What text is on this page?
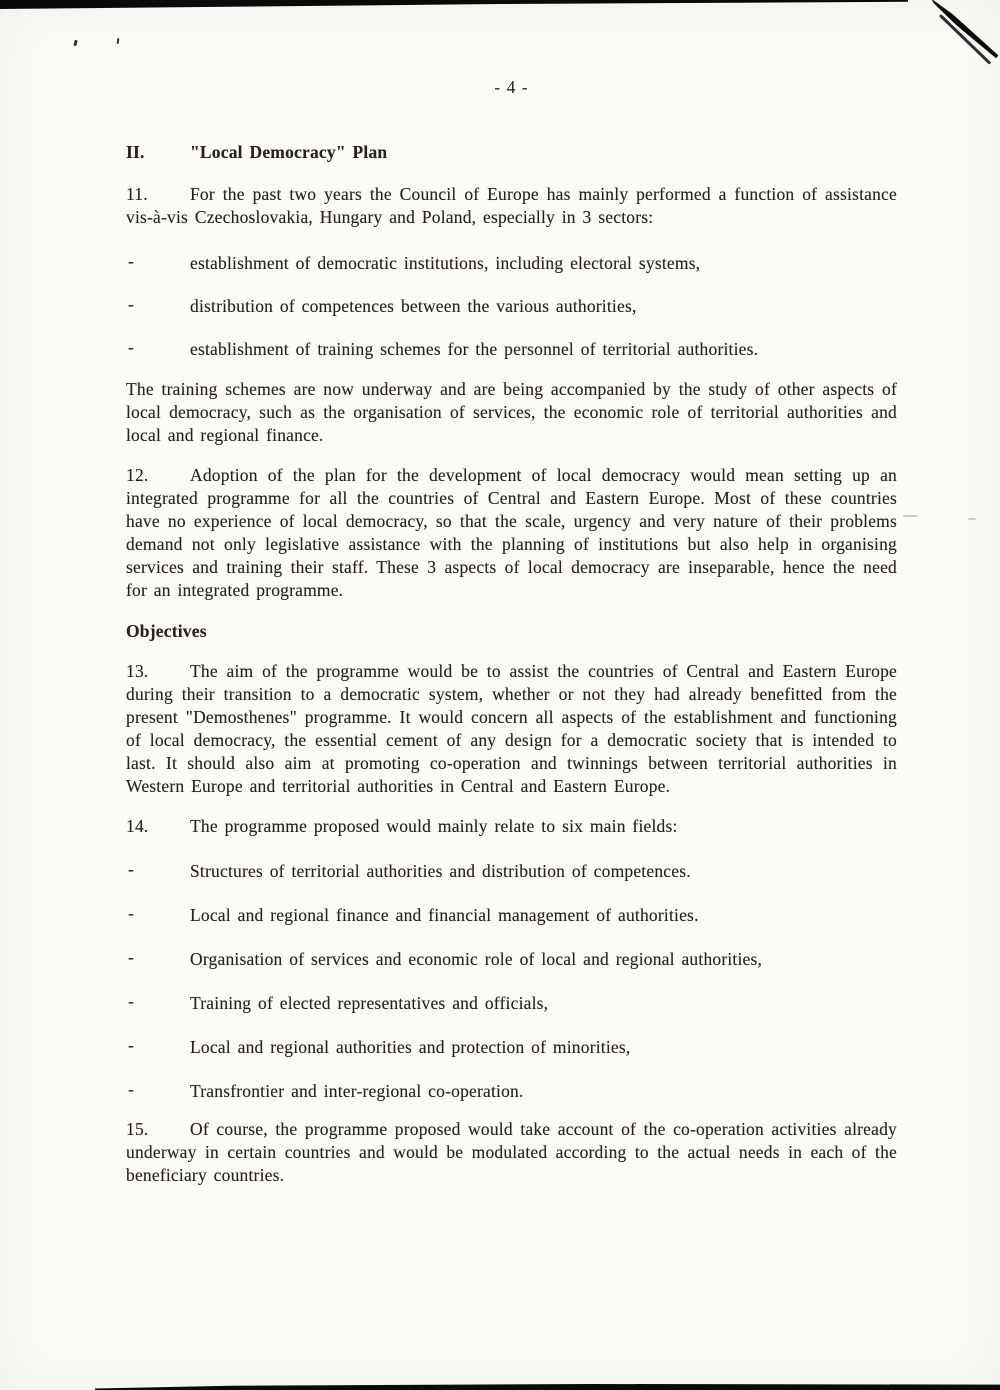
- 4 -
II.	"Local Democracy" Plan
11. For the past two years the Council of Europe has mainly performed a function of assistance vis-à-vis Czechoslovakia, Hungary and Poland, especially in 3 sectors:
-	establishment of democratic institutions, including electoral systems,
-	distribution of competences between the various authorities,
-	establishment of training schemes for the personnel of territorial authorities.
The training schemes are now underway and are being accompanied by the study of other aspects of local democracy, such as the organisation of services, the economic role of territorial authorities and local and regional finance.
12. Adoption of the plan for the development of local democracy would mean setting up an integrated programme for all the countries of Central and Eastern Europe. Most of these countries have no experience of local democracy, so that the scale, urgency and very nature of their problems demand not only legislative assistance with the planning of institutions but also help in organising services and training their staff. These 3 aspects of local democracy are inseparable, hence the need for an integrated programme.
Objectives
13. The aim of the programme would be to assist the countries of Central and Eastern Europe during their transition to a democratic system, whether or not they had already benefitted from the present "Demosthenes" programme. It would concern all aspects of the establishment and functioning of local democracy, the essential cement of any design for a democratic society that is intended to last. It should also aim at promoting co-operation and twinnings between territorial authorities in Western Europe and territorial authorities in Central and Eastern Europe.
14. The programme proposed would mainly relate to six main fields:
-	Structures of territorial authorities and distribution of competences.
-	Local and regional finance and financial management of authorities.
-	Organisation of services and economic role of local and regional authorities,
-	Training of elected representatives and officials,
-	Local and regional authorities and protection of minorities,
-	Transfrontier and inter-regional co-operation.
15. Of course, the programme proposed would take account of the co-operation activities already underway in certain countries and would be modulated according to the actual needs in each of the beneficiary countries.
